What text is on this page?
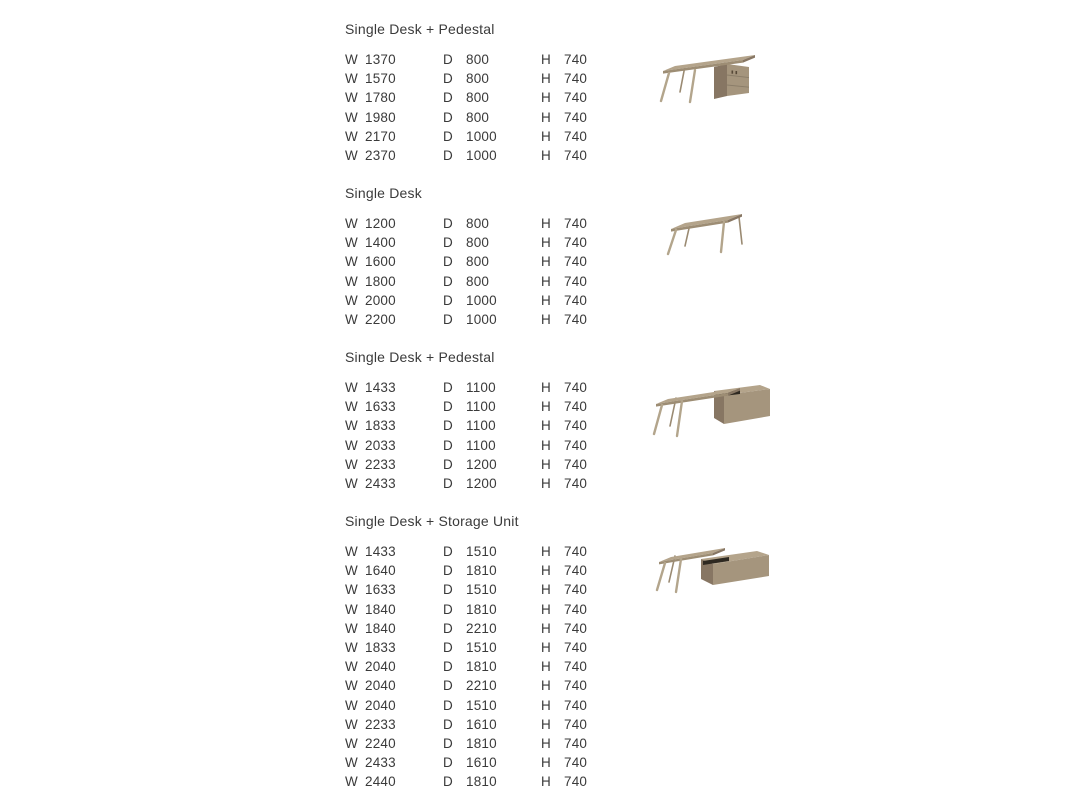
Single Desk + Pedestal
W 1370	D 800	H 740
W 1570	D 800	H 740
W 1780	D 800	H 740
W 1980	D 800	H 740
W 2170	D 1000	H 740
W 2370	D 1000	H 740
Single Desk
W 1200	D 800	H 740
W 1400	D 800	H 740
W 1600	D 800	H 740
W 1800	D 800	H 740
W 2000	D 1000	H 740
W 2200	D 1000	H 740
Single Desk + Pedestal
W 1433	D 1100	H 740
W 1633	D 1100	H 740
W 1833	D 1100	H 740
W 2033	D 1100	H 740
W 2233	D 1200	H 740
W 2433	D 1200	H 740
Single Desk + Storage Unit
W 1433	D 1510	H 740
W 1640	D 1810	H 740
W 1633	D 1510	H 740
W 1840	D 1810	H 740
W 1840	D 2210	H 740
W 1833	D 1510	H 740
W 2040	D 1810	H 740
W 2040	D 2210	H 740
W 2040	D 1510	H 740
W 2233	D 1610	H 740
W 2240	D 1810	H 740
W 2433	D 1610	H 740
W 2440	D 1810	H 740
